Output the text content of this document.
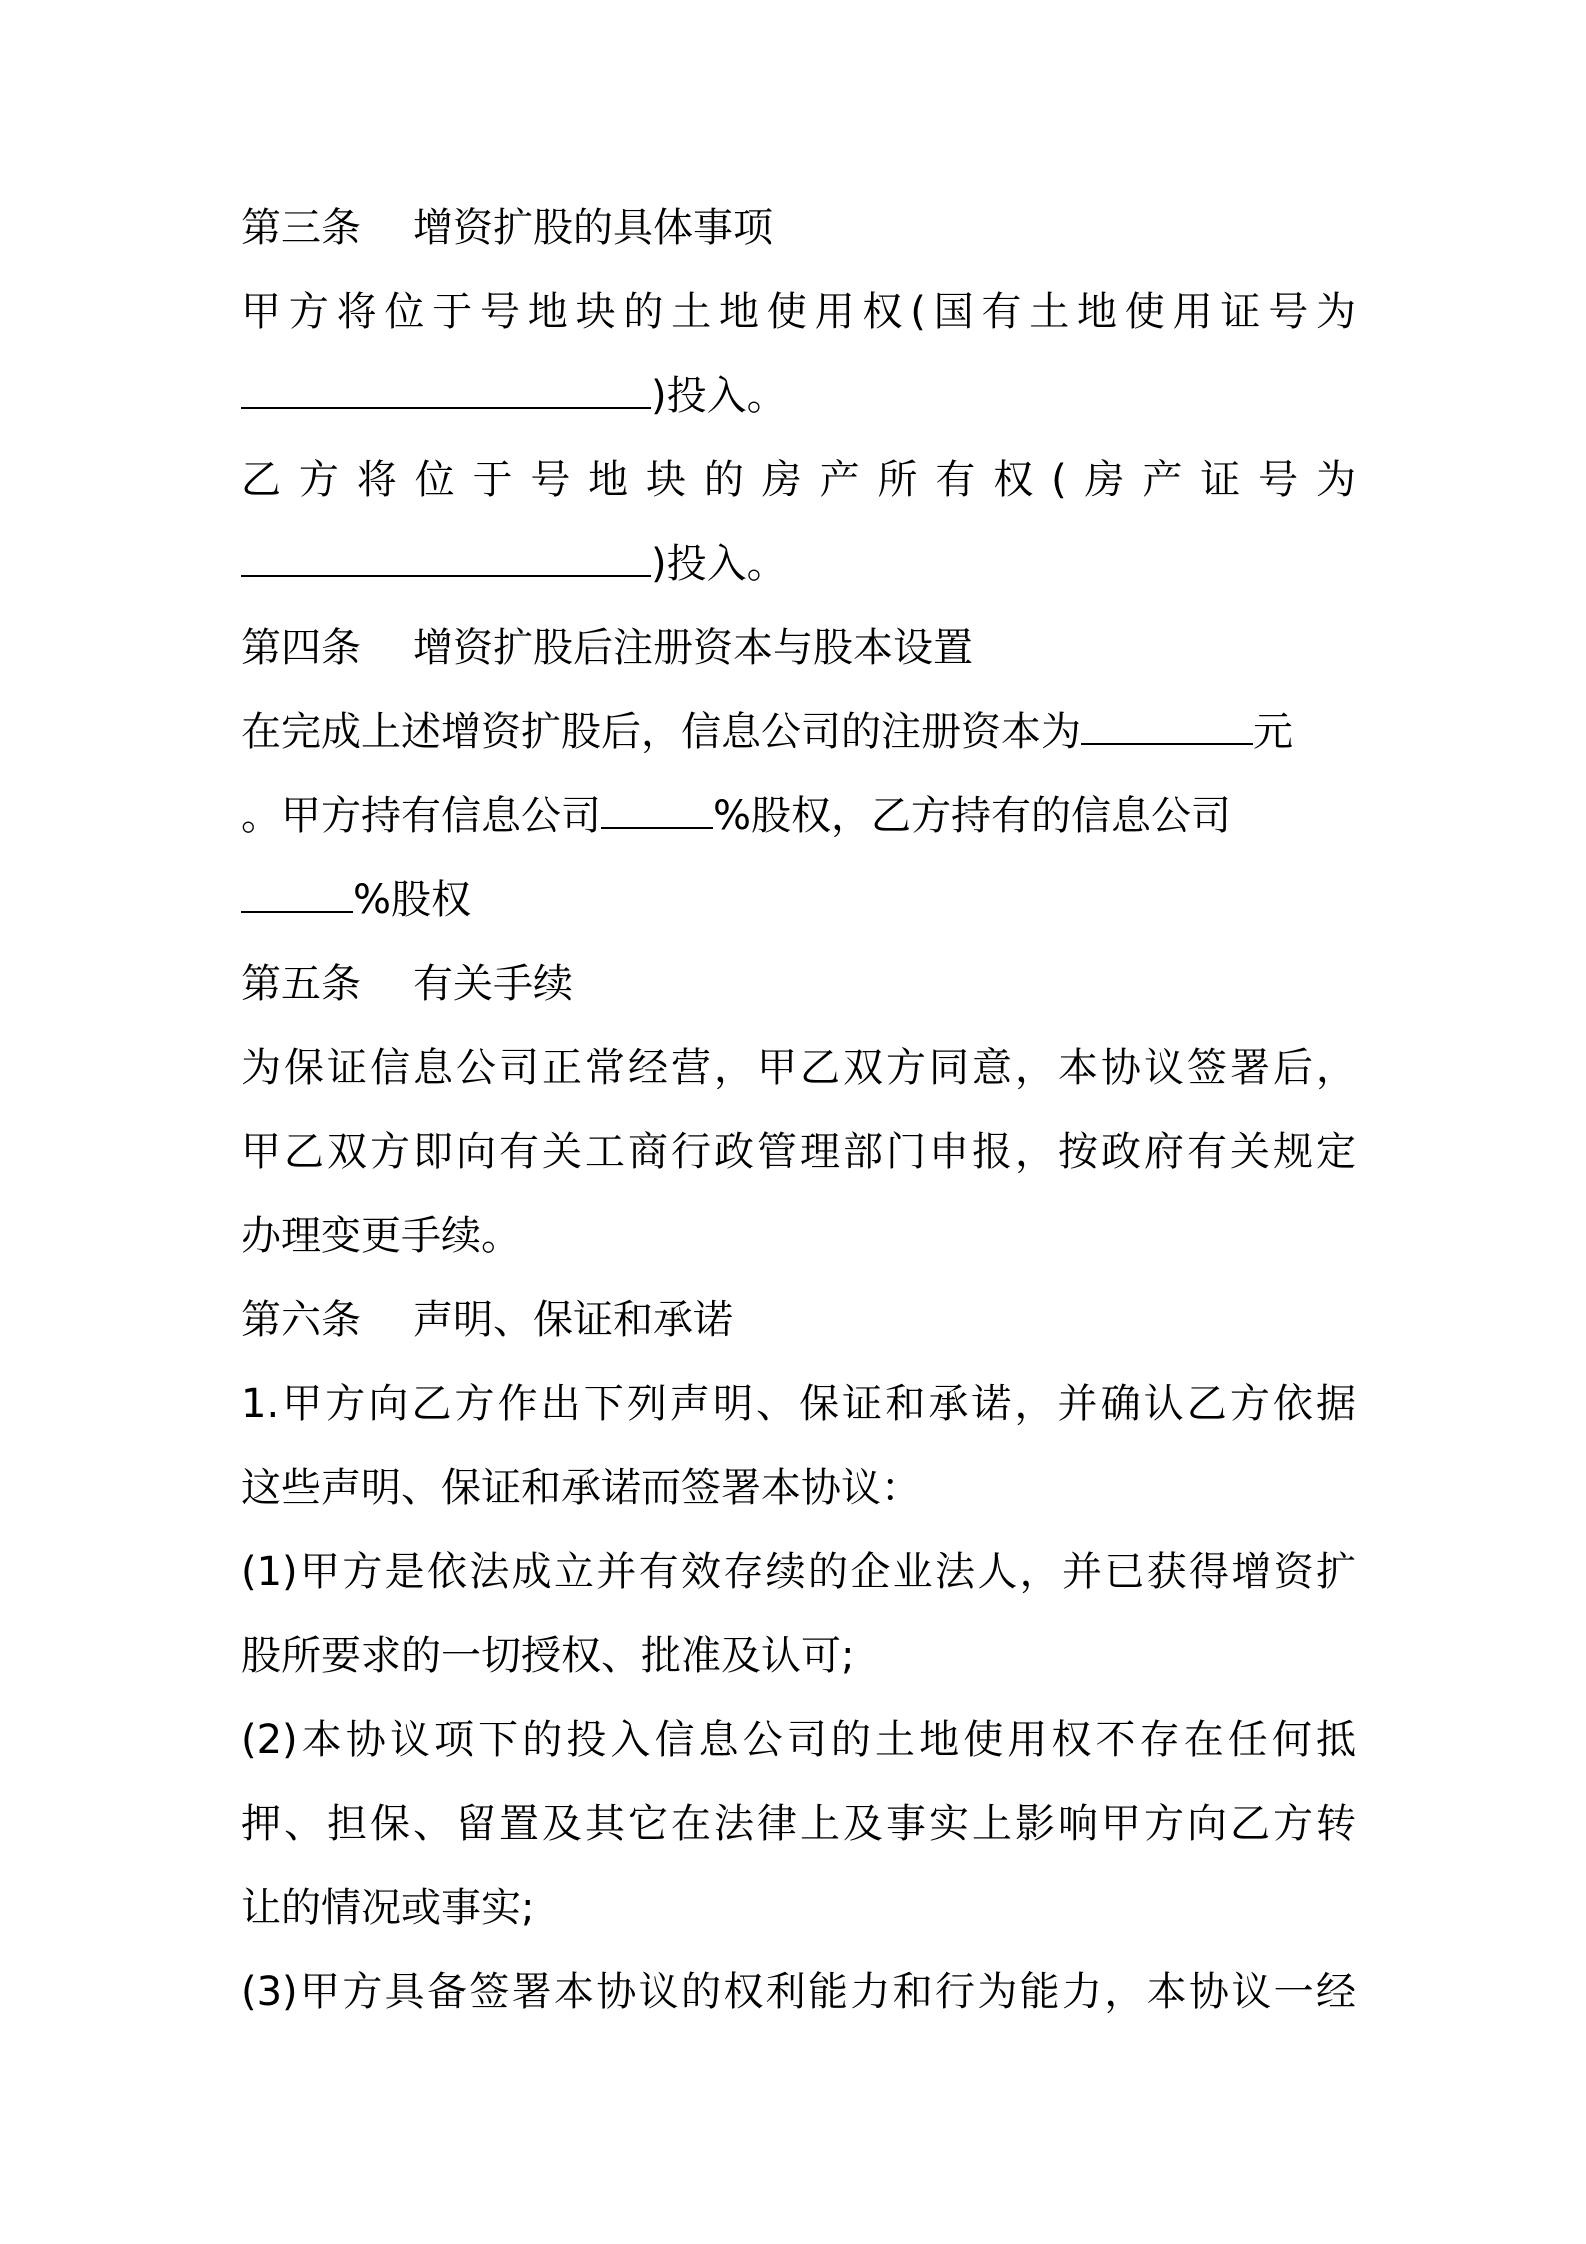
第三条 增资扩股的具体事项
甲方将位于号地块的土地使用权(国有土地使用证号为
)投入。
乙方将位于号地块的房产所有权(房产证号为
)投入。
第四条 增资扩股后注册资本与股本设置
在完成上述增资扩股后，信息公司的注册资本为	元
。甲方持有信息公司	%股权，乙方持有的信息公司
%股权
第五条 有关手续
为保证信息公司正常经营，甲乙双方同意，本协议签署后，
甲乙双方即向有关工商行政管理部门申报，按政府有关规定
办理变更手续。
第六条 声明、保证和承诺
1.甲方向乙方作出下列声明、保证和承诺，并确认乙方依据
这些声明、保证和承诺而签署本协议：
(1)甲方是依法成立并有效存续的企业法人，并已获得增资扩
股所要求的一切授权、批准及认可;
(2)本协议项下的投入信息公司的土地使用权不存在任何抵
押、担保、留置及其它在法律上及事实上影响甲方向乙方转
让的情况或事实;
(3)甲方具备签署本协议的权利能力和行为能力，本协议一经
